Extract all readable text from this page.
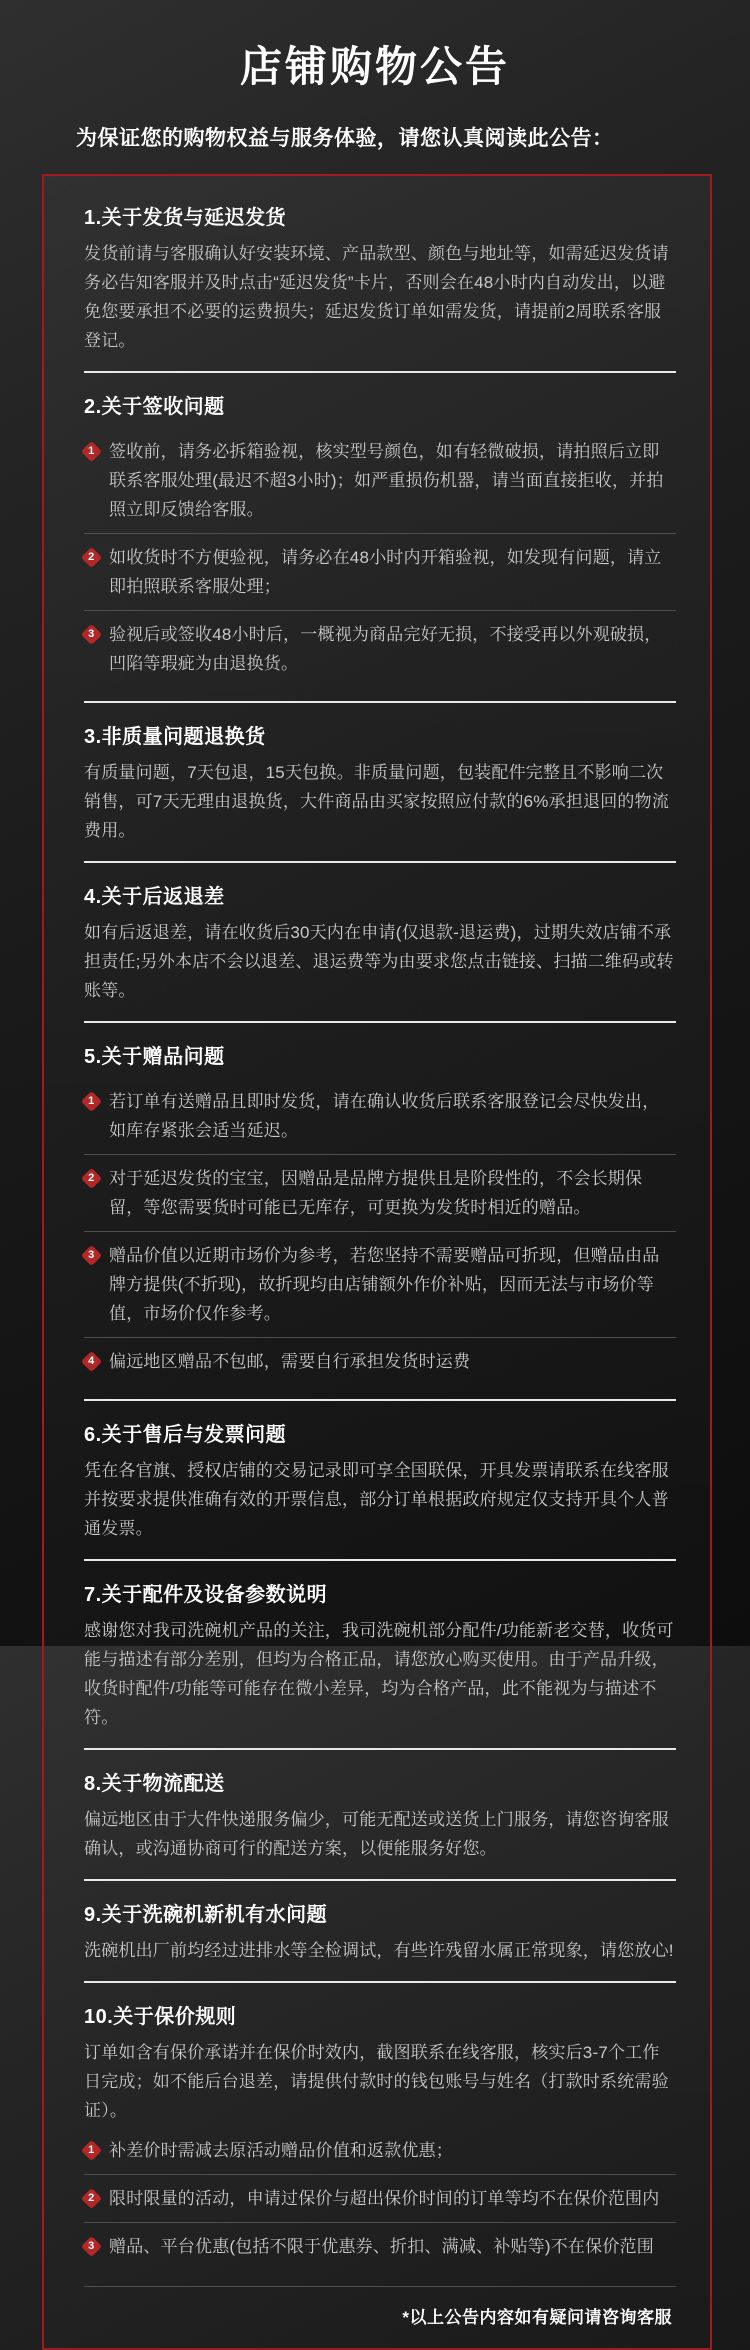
店铺购物公告

为保证您的购物权益与服务体验，请您认真阅读此公告：

1.关于发货与延迟发货

发货前请与客服确认好安装环境、产品款型、颜色与地址等，如需延迟发货请务必告知客服并及时点击“延迟发货”卡片，否则会在48小时内自动发出，以避免您要承担不必要的运费损失；延迟发货订单如需发货，请提前2周联系客服登记。

2.关于签收问题
1 签收前，请务必拆箱验视，核实型号颜色，如有轻微破损，请拍照后立即联系客服处理(最迟不超3小时)；如严重损伤机器，请当面直接拒收，并拍照立即反馈给客服。
2 如收货时不方便验视，请务必在48小时内开箱验视，如发现有问题，请立即拍照联系客服处理；
3 验视后或签收48小时后，一概视为商品完好无损，不接受再以外观破损，凹陷等瑕疵为由退换货。
3.非质量问题退换货

有质量问题，7天包退，15天包换。非质量问题，包装配件完整且不影响二次销售，可7天无理由退换货，大件商品由买家按照应付款的6%承担退回的物流费用。

4.关于后返退差

如有后返退差，请在收货后30天内在申请(仅退款-退运费)，过期失效店铺不承担责任;另外本店不会以退差、退运费等为由要求您点击链接、扫描二维码或转账等。

5.关于赠品问题
1 若订单有送赠品且即时发货，请在确认收货后联系客服登记会尽快发出，如库存紧张会适当延迟。
2 对于延迟发货的宝宝，因赠品是品牌方提供且是阶段性的，不会长期保留，等您需要货时可能已无库存，可更换为发货时相近的赠品。
3 赠品价值以近期市场价为参考，若您坚持不需要赠品可折现，但赠品由品牌方提供(不折现)，故折现均由店铺额外作价补贴，因而无法与市场价等值，市场价仅作参考。
4 偏远地区赠品不包邮，需要自行承担发货时运费
6.关于售后与发票问题

凭在各官旗、授权店铺的交易记录即可享全国联保，开具发票请联系在线客服并按要求提供准确有效的开票信息，部分订单根据政府规定仅支持开具个人普通发票。

7.关于配件及设备参数说明

感谢您对我司洗碗机产品的关注，我司洗碗机部分配件/功能新老交替，收货可能与描述有部分差别，但均为合格正品，请您放心购买使用。由于产品升级，收货时配件/功能等可能存在微小差异，均为合格产品，此不能视为与描述不符。

8.关于物流配送

偏远地区由于大件快递服务偏少，可能无配送或送货上门服务，请您咨询客服确认，或沟通协商可行的配送方案，以便能服务好您。

9.关于洗碗机新机有水问题

洗碗机出厂前均经过进排水等全检调试，有些许残留水属正常现象，请您放心!

10.关于保价规则

订单如含有保价承诺并在保价时效内，截图联系在线客服，核实后3-7个工作日完成；如不能后台退差，请提供付款时的钱包账号与姓名（打款时系统需验证）。

1 补差价时需减去原活动赠品价值和返款优惠；
2 限时限量的活动，申请过保价与超出保价时间的订单等均不在保价范围内
3 赠品、平台优惠(包括不限于优惠券、折扣、满减、补贴等)不在保价范围
*以上公告内容如有疑问请咨询客服
